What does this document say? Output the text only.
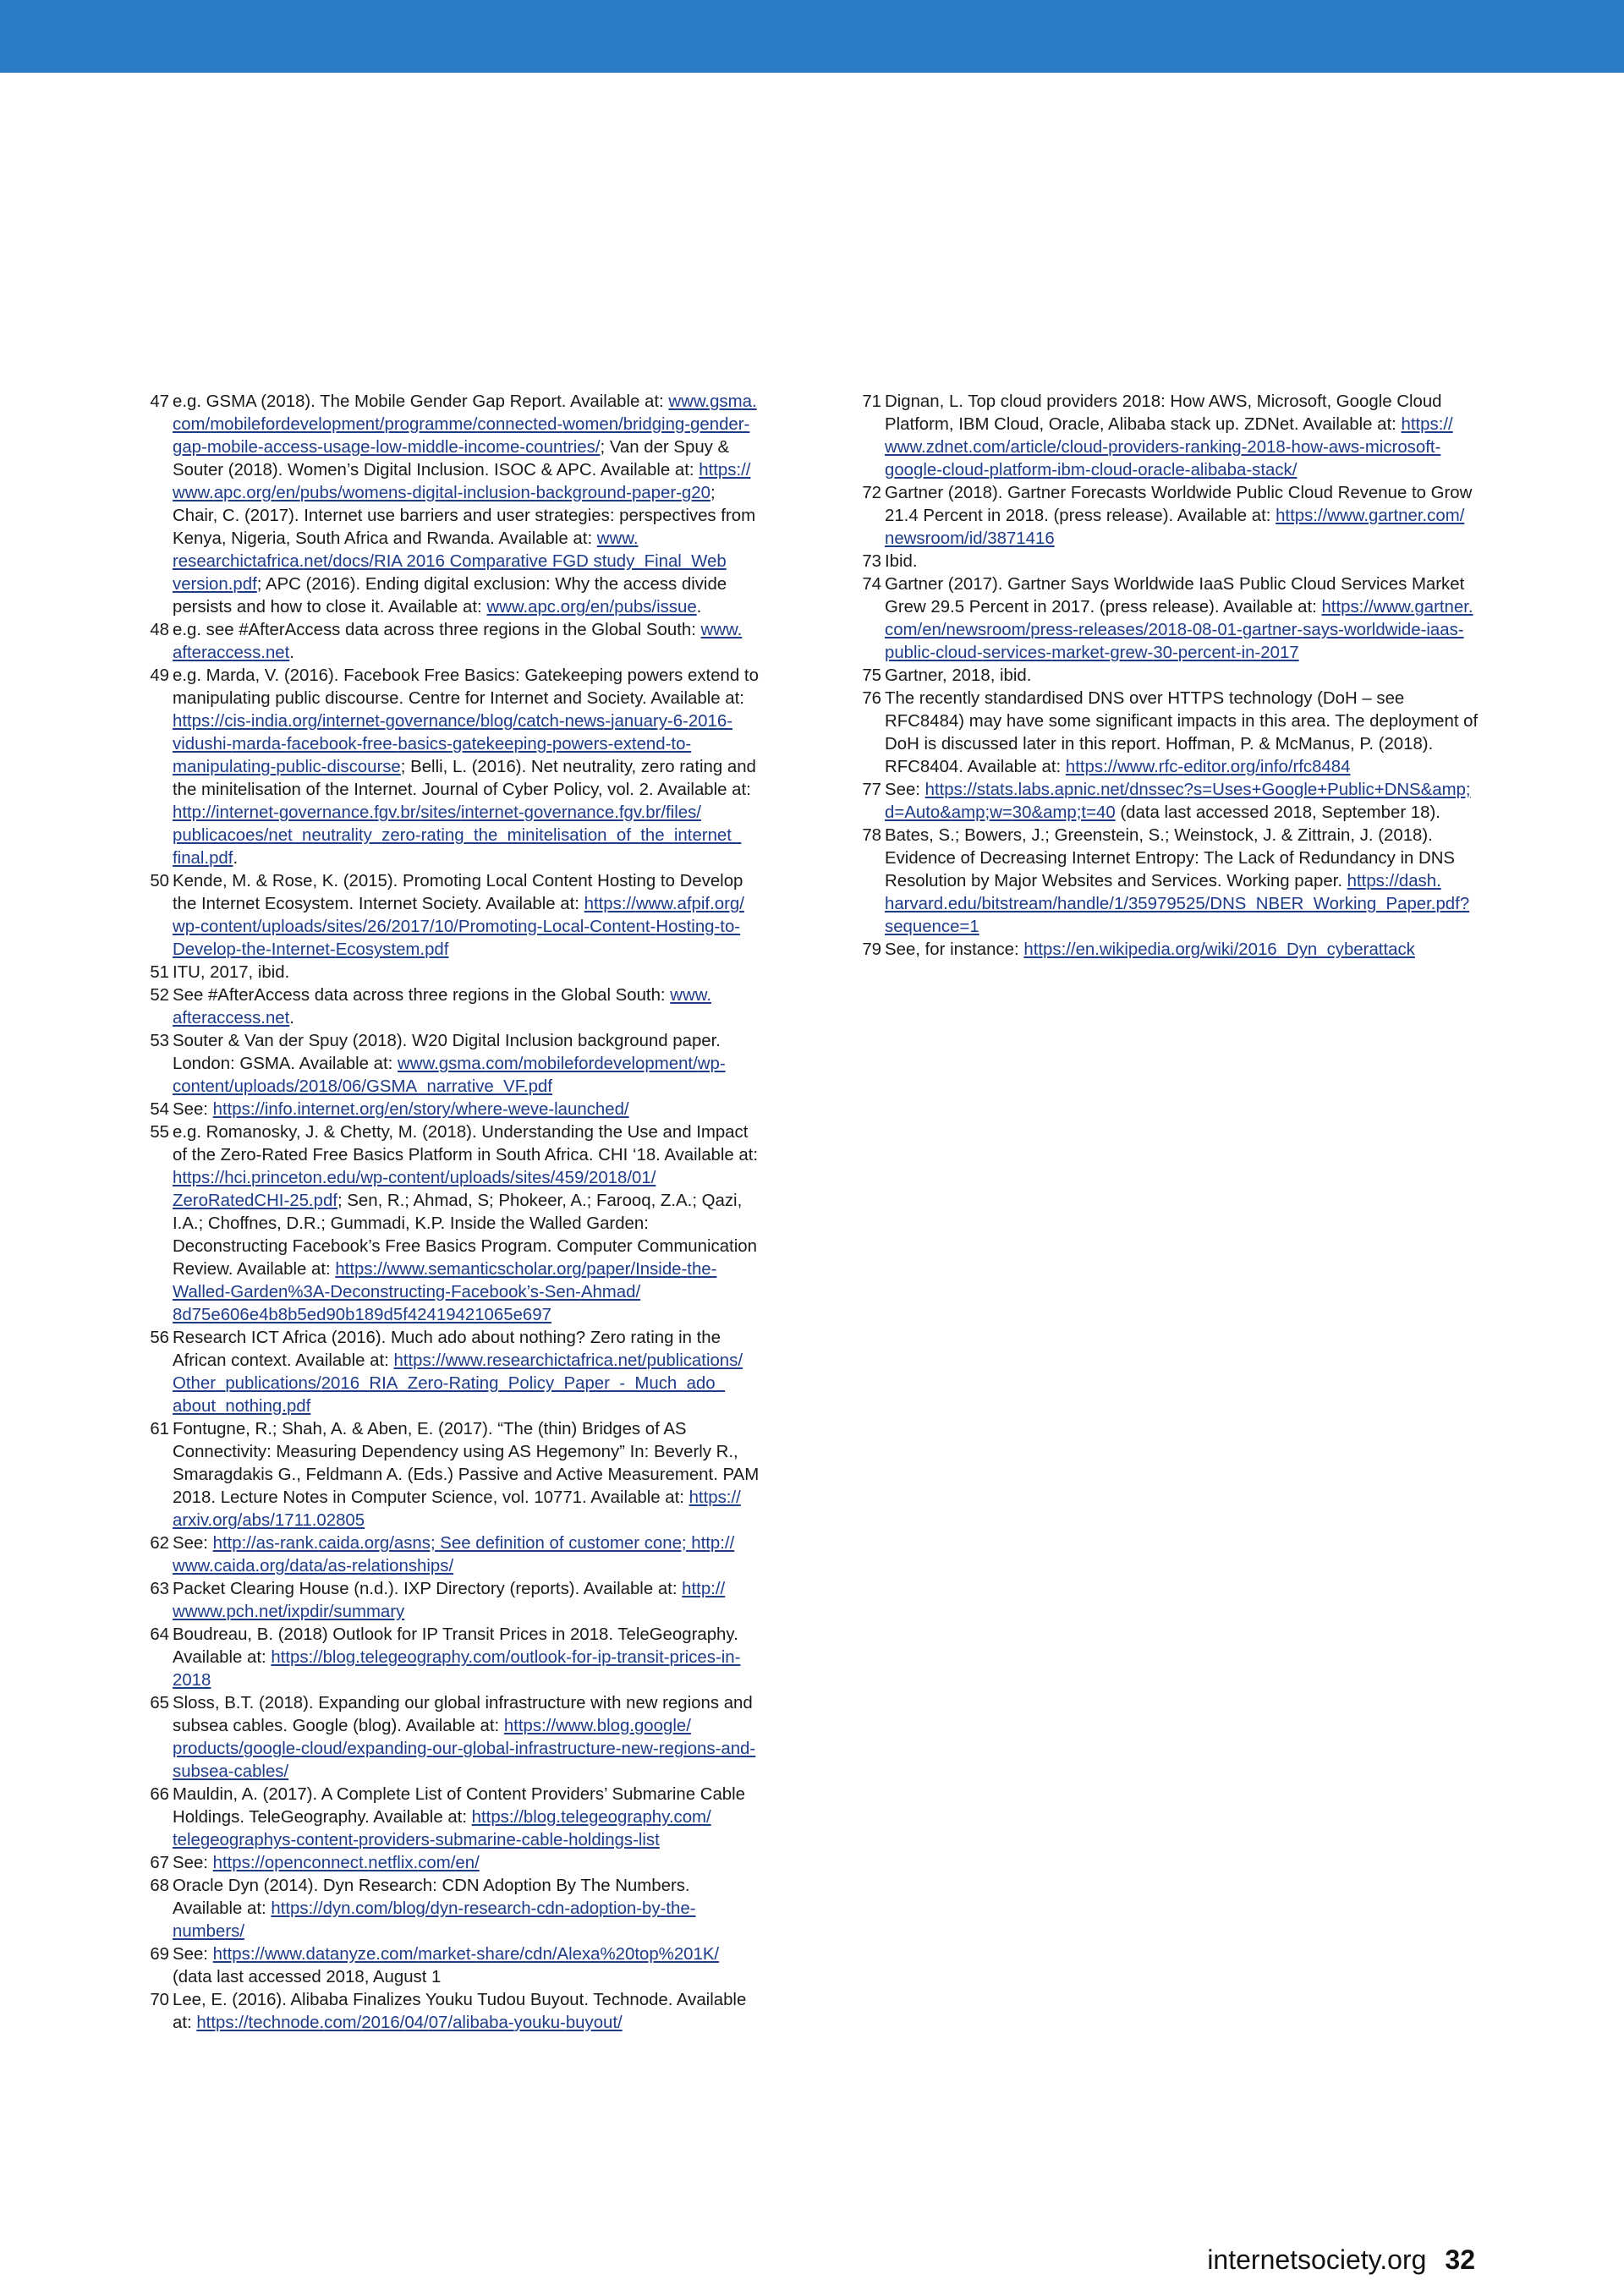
47 e.g. GSMA (2018). The Mobile Gender Gap Report. Available at: www.gsma.com/mobilefordevelopment/programme/connected-women/bridging-gender-gap-mobile-access-usage-low-middle-income-countries/; Van der Spuy & Souter (2018). Women’s Digital Inclusion. ISOC & APC. Available at: https://www.apc.org/en/pubs/womens-digital-inclusion-background-paper-g20; Chair, C. (2017). Internet use barriers and user strategies: perspectives from Kenya, Nigeria, South Africa and Rwanda. Available at: www.researchictafrica.net/docs/RIA 2016 Comparative FGD study_Final_Web version.pdf; APC (2016). Ending digital exclusion: Why the access divide persists and how to close it. Available at: www.apc.org/en/pubs/issue.
48 e.g. see #AfterAccess data across three regions in the Global South: www.afteraccess.net.
49 e.g. Marda, V. (2016). Facebook Free Basics: Gatekeeping powers extend to manipulating public discourse. Centre for Internet and Society. Available at: https://cis-india.org/internet-governance/blog/catch-news-january-6-2016-vidushi-marda-facebook-free-basics-gatekeeping-powers-extend-to-manipulating-public-discourse; Belli, L. (2016). Net neutrality, zero rating and the minitelisation of the Internet. Journal of Cyber Policy, vol. 2. Available at: http://internet-governance.fgv.br/sites/internet-governance.fgv.br/files/publicacoes/net_neutrality_zero-rating_the_minitelisation_of_the_internet_final.pdf.
50 Kende, M. & Rose, K. (2015). Promoting Local Content Hosting to Develop the Internet Ecosystem. Internet Society. Available at: https://www.afpif.org/wp-content/uploads/sites/26/2017/10/Promoting-Local-Content-Hosting-to-Develop-the-Internet-Ecosystem.pdf
51 ITU, 2017, ibid.
52 See #AfterAccess data across three regions in the Global South: www.afteraccess.net.
53 Souter & Van der Spuy (2018). W20 Digital Inclusion background paper. London: GSMA. Available at: www.gsma.com/mobilefordevelopment/wp-content/uploads/2018/06/GSMA_narrative_VF.pdf
54 See: https://info.internet.org/en/story/where-weve-launched/
55 e.g. Romanosky, J. & Chetty, M. (2018). Understanding the Use and Impact of the Zero-Rated Free Basics Platform in South Africa. CHI ‘18. Available at: https://hci.princeton.edu/wp-content/uploads/sites/459/2018/01/ZeroRatedCHI-25.pdf; Sen, R.; Ahmad, S; Phokeer, A.; Farooq, Z.A.; Qazi, I.A.; Choffnes, D.R.; Gummadi, K.P. Inside the Walled Garden: Deconstructing Facebook’s Free Basics Program. Computer Communication Review. Available at: https://www.semanticscholar.org/paper/Inside-the-Walled-Garden%3A-Deconstructing-Facebook’s-Sen-Ahmad/8d75e606e4b8b5ed90b189d5f42419421065e697
56 Research ICT Africa (2016). Much ado about nothing? Zero rating in the African context. Available at: https://www.researchictafrica.net/publications/Other_publications/2016_RIA_Zero-Rating_Policy_Paper_-_Much_ado_about_nothing.pdf
61 Fontugne, R.; Shah, A. & Aben, E. (2017). “The (thin) Bridges of AS Connectivity: Measuring Dependency using AS Hegemony” In: Beverly R., Smaragdakis G., Feldmann A. (Eds.) Passive and Active Measurement. PAM 2018. Lecture Notes in Computer Science, vol. 10771. Available at: https://arxiv.org/abs/1711.02805
62 See: http://as-rank.caida.org/asns; See definition of customer cone; http://www.caida.org/data/as-relationships/
63 Packet Clearing House (n.d.). IXP Directory (reports). Available at: http://wwww.pch.net/ixpdir/summary
64 Boudreau, B. (2018) Outlook for IP Transit Prices in 2018. TeleGeography. Available at: https://blog.telegeography.com/outlook-for-ip-transit-prices-in-2018
65 Sloss, B.T. (2018). Expanding our global infrastructure with new regions and subsea cables. Google (blog). Available at: https://www.blog.google/products/google-cloud/expanding-our-global-infrastructure-new-regions-and-subsea-cables/
66 Mauldin, A. (2017). A Complete List of Content Providers’ Submarine Cable Holdings. TeleGeography. Available at: https://blog.telegeography.com/telegeographys-content-providers-submarine-cable-holdings-list
67 See: https://openconnect.netflix.com/en/
68 Oracle Dyn (2014). Dyn Research: CDN Adoption By The Numbers. Available at: https://dyn.com/blog/dyn-research-cdn-adoption-by-the-numbers/
69 See: https://www.datanyze.com/market-share/cdn/Alexa%20top%201K/ (data last accessed 2018, August 1
70 Lee, E. (2016). Alibaba Finalizes Youku Tudou Buyout. Technode. Available at: https://technode.com/2016/04/07/alibaba-youku-buyout/
71 Dignan, L. Top cloud providers 2018: How AWS, Microsoft, Google Cloud Platform, IBM Cloud, Oracle, Alibaba stack up. ZDNet. Available at: https://www.zdnet.com/article/cloud-providers-ranking-2018-how-aws-microsoft-google-cloud-platform-ibm-cloud-oracle-alibaba-stack/
72 Gartner (2018). Gartner Forecasts Worldwide Public Cloud Revenue to Grow 21.4 Percent in 2018. (press release). Available at: https://www.gartner.com/newsroom/id/3871416
73 Ibid.
74 Gartner (2017). Gartner Says Worldwide IaaS Public Cloud Services Market Grew 29.5 Percent in 2017. (press release). Available at: https://www.gartner.com/en/newsroom/press-releases/2018-08-01-gartner-says-worldwide-iaas-public-cloud-services-market-grew-30-percent-in-2017
75 Gartner, 2018, ibid.
76 The recently standardised DNS over HTTPS technology (DoH – see RFC8484) may have some significant impacts in this area. The deployment of DoH is discussed later in this report. Hoffman, P. & McManus, P. (2018). RFC8404. Available at: https://www.rfc-editor.org/info/rfc8484
77 See: https://stats.labs.apnic.net/dnssec?s=Uses+Google+Public+DNS&amp;d=Auto&amp;w=30&amp;t=40 (data last accessed 2018, September 18).
78 Bates, S.; Bowers, J.; Greenstein, S.; Weinstock, J. & Zittrain, J. (2018). Evidence of Decreasing Internet Entropy: The Lack of Redundancy in DNS Resolution by Major Websites and Services. Working paper. https://dash.harvard.edu/bitstream/handle/1/35979525/DNS_NBER_Working_Paper.pdf?sequence=1
79 See, for instance: https://en.wikipedia.org/wiki/2016_Dyn_cyberattack
internetsociety.org 32
